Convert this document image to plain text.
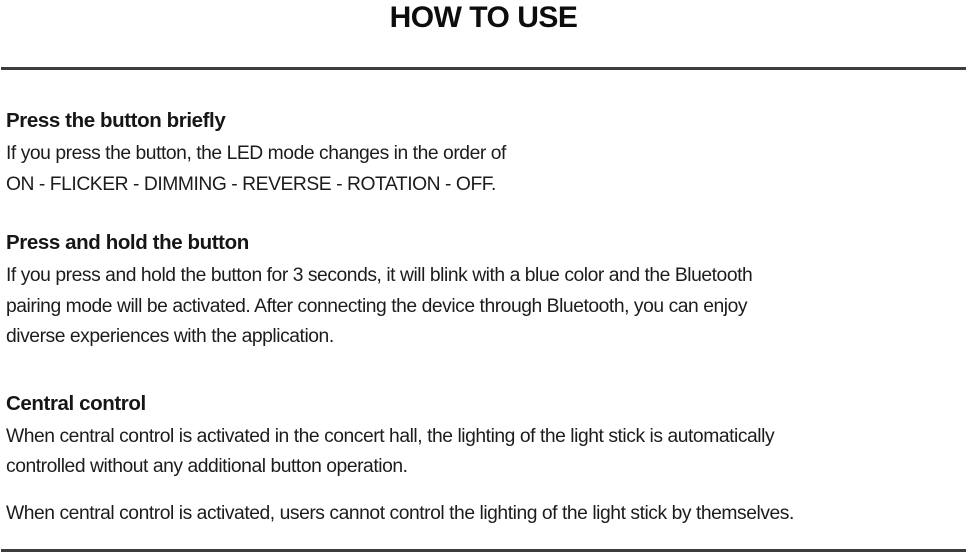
HOW TO USE
Press the button briefly
If you press the button, the LED mode changes in the order of
ON - FLICKER - DIMMING - REVERSE - ROTATION - OFF.
Press and hold the button
If you press and hold the button for 3 seconds, it will blink with a blue color and the Bluetooth
pairing mode will be activated. After connecting the device through Bluetooth, you can enjoy
diverse experiences with the application.
Central control
When central control is activated in the concert hall, the lighting of the light stick is automatically
controlled without any additional button operation.
When central control is activated, users cannot control the lighting of the light stick by themselves.
